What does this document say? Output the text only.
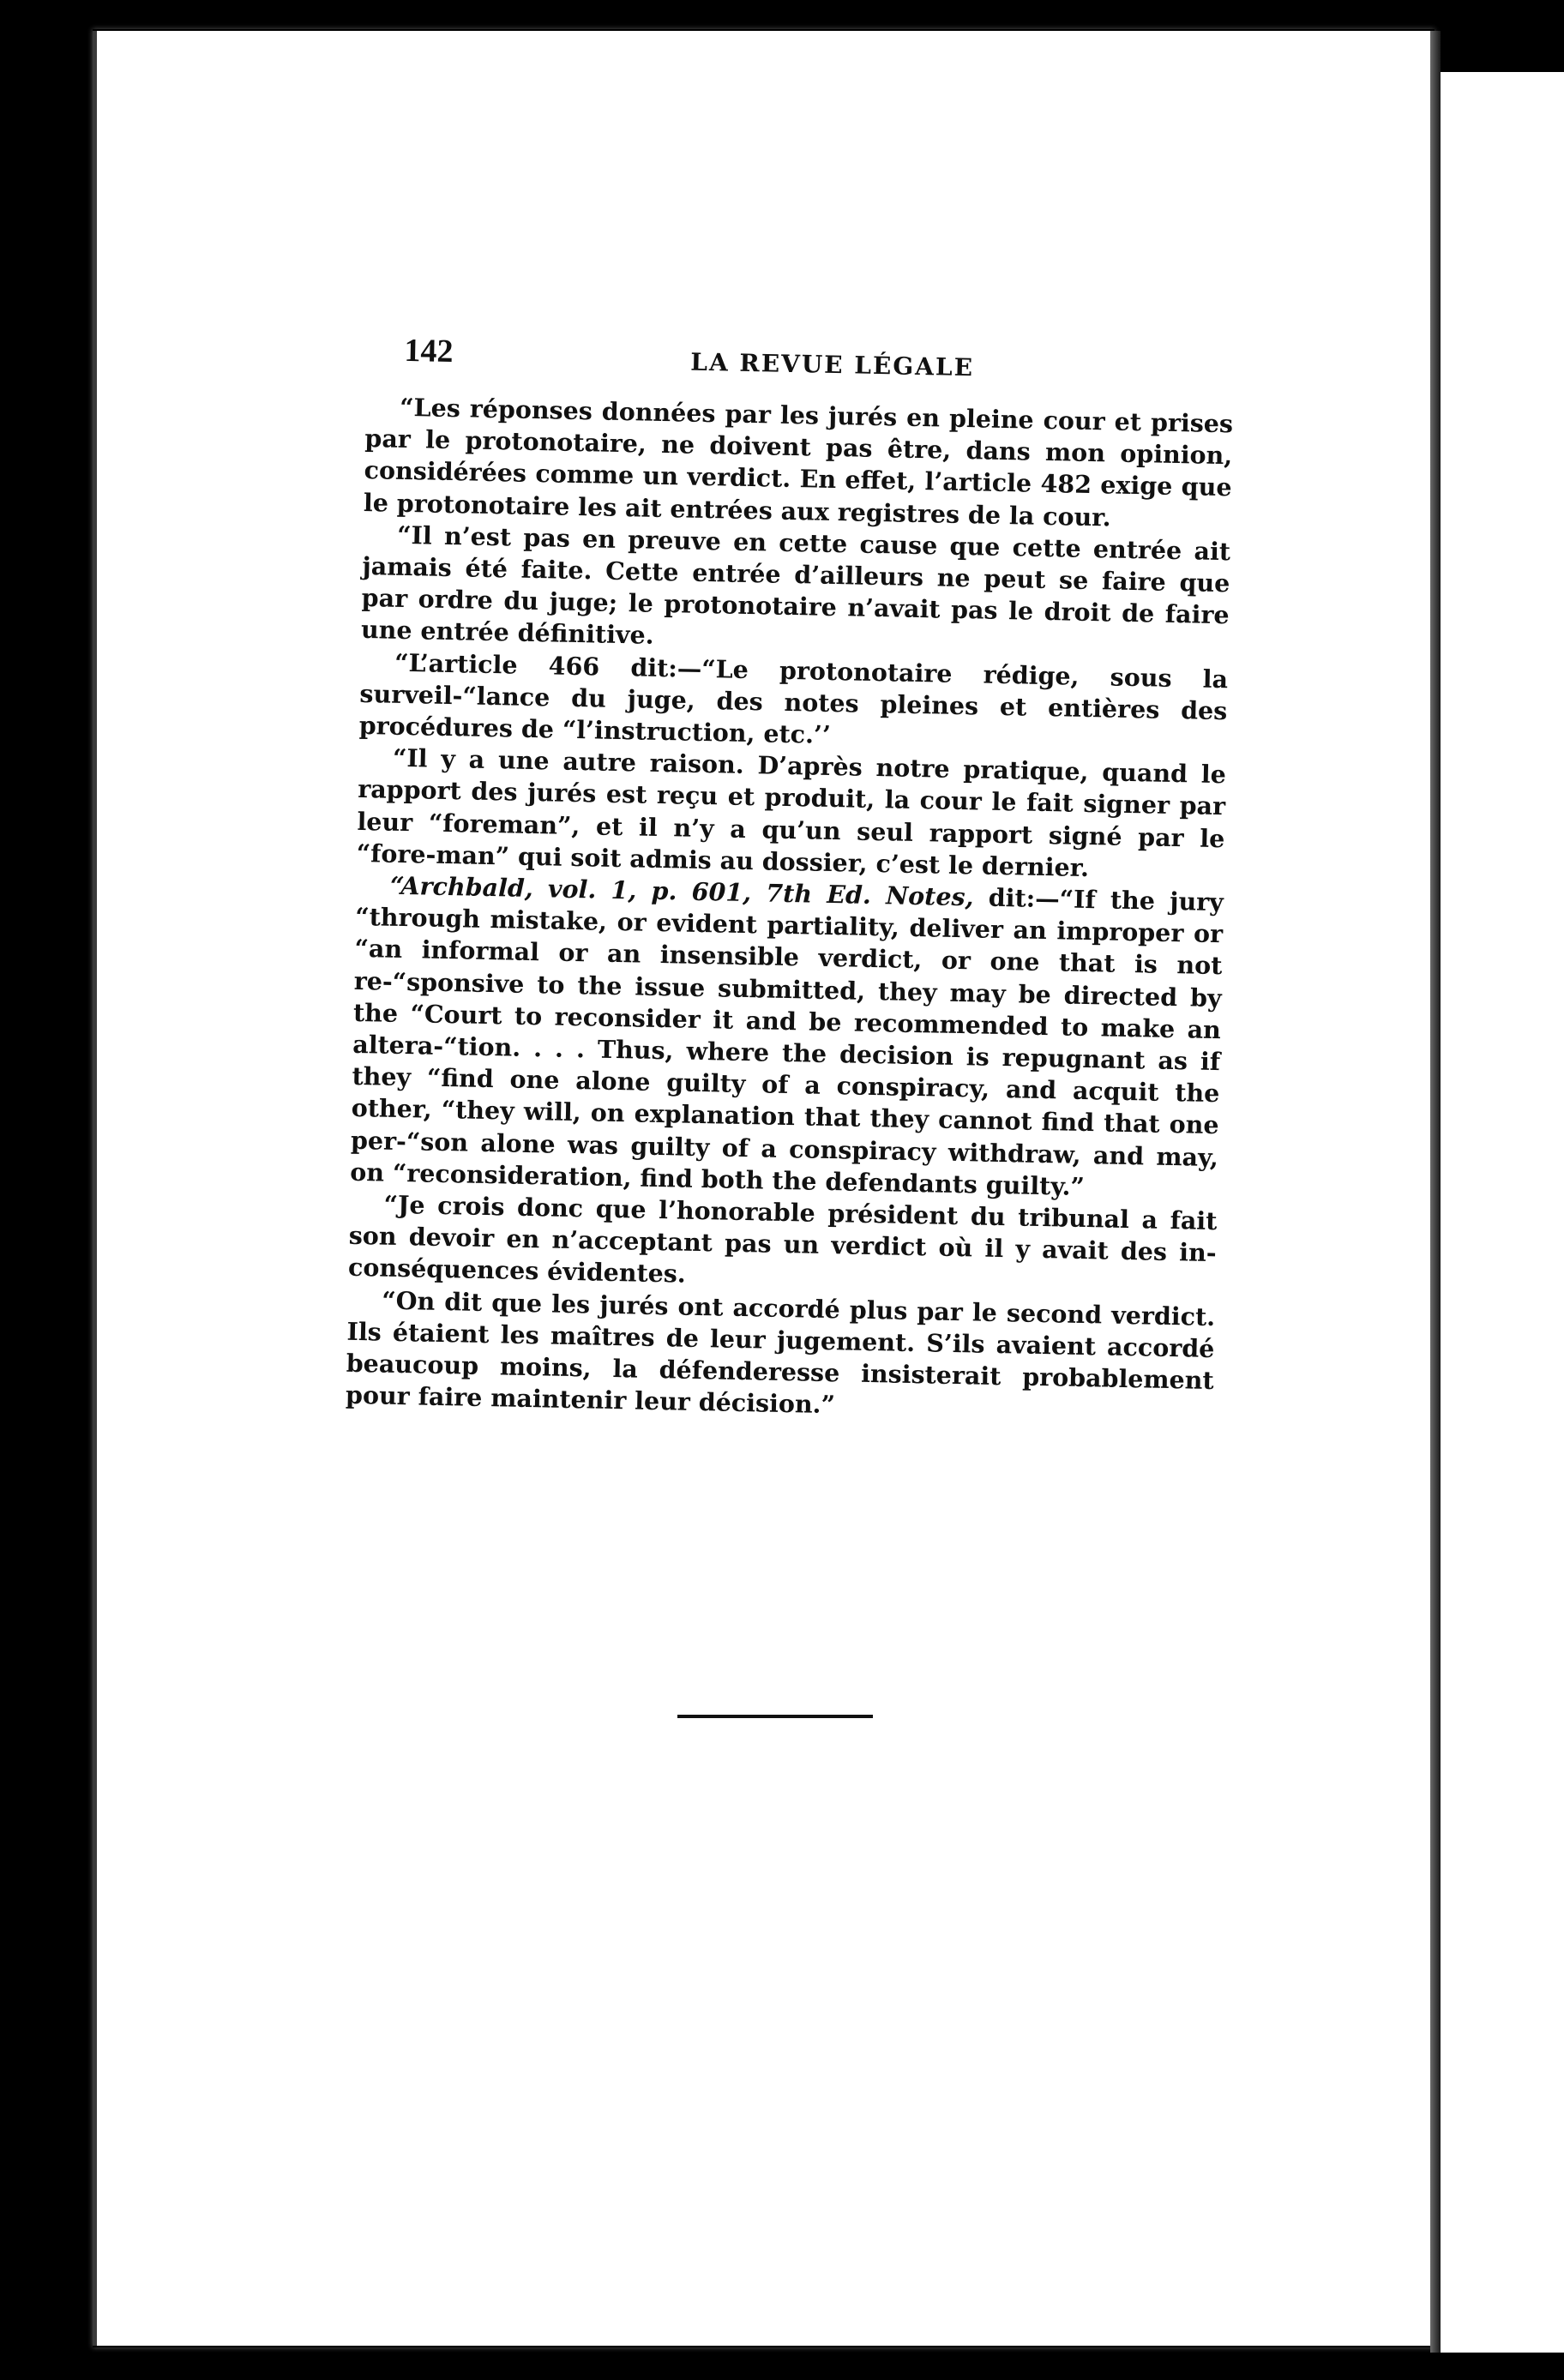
142	LA REVUE LÉGALE

“Les réponses données par les jurés en pleine cour et prises par le protonotaire, ne doivent pas être, dans mon opinion, considérées comme un verdict. En effet, l’article 482 exige que le protonotaire les ait entrées aux registres de la cour.

“Il n’est pas en preuve en cette cause que cette entrée ait jamais été faite. Cette entrée d’ailleurs ne peut se faire que par ordre du juge; le protonotaire n’avait pas le droit de faire une entrée définitive.

“L’article 466 dit:—“Le protonotaire rédige, sous la surveil-“lance du juge, des notes pleines et entières des procédures de “l’instruction, etc.’’

“Il y a une autre raison. D’après notre pratique, quand le rapport des jurés est reçu et produit, la cour le fait signer par leur “foreman”, et il n’y a qu’un seul rapport signé par le “fore-man” qui soit admis au dossier, c’est le dernier.

“Archbald, vol. 1, p. 601, 7th Ed. Notes, dit:—“If the jury “through mistake, or evident partiality, deliver an improper or “an informal or an insensible verdict, or one that is not re-“sponsive to the issue submitted, they may be directed by the “Court to reconsider it and be recommended to make an altera-“tion. . . . Thus, where the decision is repugnant as if they “find one alone guilty of a conspiracy, and acquit the other, “they will, on explanation that they cannot find that one per-“son alone was guilty of a conspiracy withdraw, and may, on “reconsideration, find both the defendants guilty.”

“Je crois donc que l’honorable président du tribunal a fait son devoir en n’acceptant pas un verdict où il y avait des in-conséquences évidentes.

“On dit que les jurés ont accordé plus par le second verdict. Ils étaient les maîtres de leur jugement. S’ils avaient accordé beaucoup moins, la défenderesse insisterait probablement pour faire maintenir leur décision.”
